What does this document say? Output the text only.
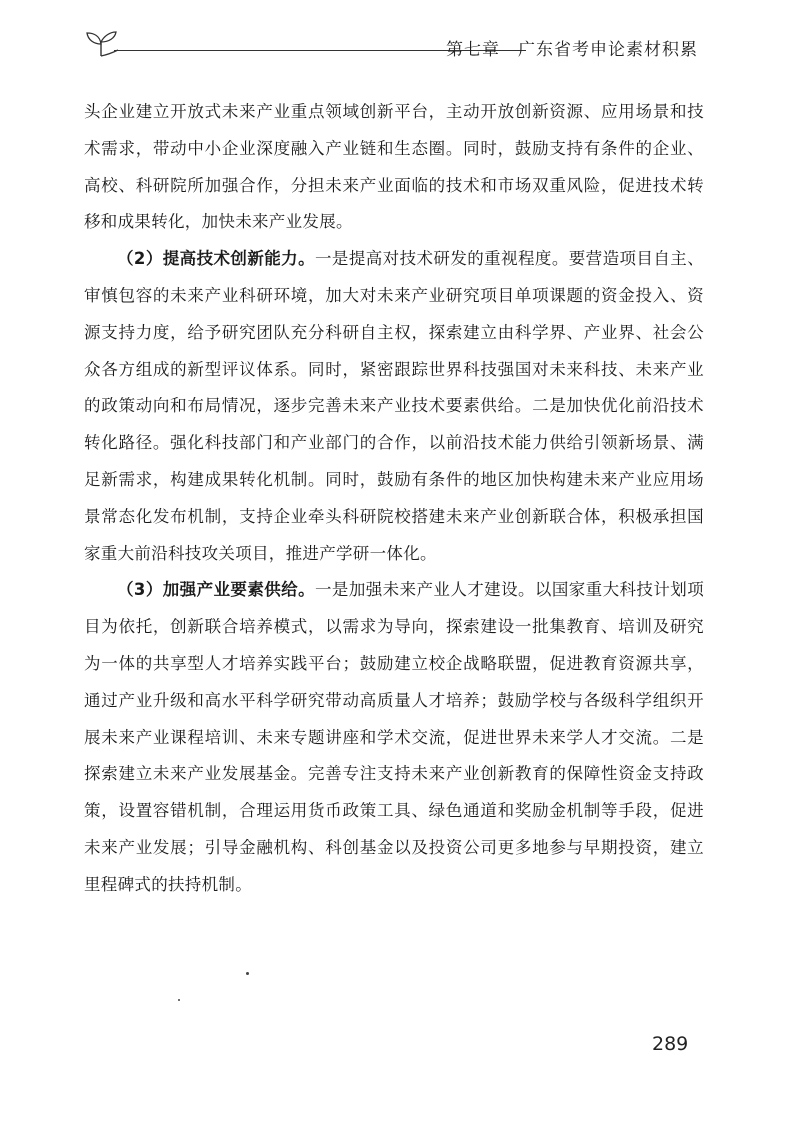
第七章 广东省考申论素材积累

头企业建立开放式未来产业重点领域创新平台，主动开放创新资源、应用场景和技术需求，带动中小企业深度融入产业链和生态圈。同时，鼓励支持有条件的企业、高校、科研院所加强合作，分担未来产业面临的技术和市场双重风险，促进技术转移和成果转化，加快未来产业发展。

（2）提高技术创新能力。一是提高对技术研发的重视程度。要营造项目自主、审慎包容的未来产业科研环境，加大对未来产业研究项目单项课题的资金投入、资源支持力度，给予研究团队充分科研自主权，探索建立由科学界、产业界、社会公众各方组成的新型评议体系。同时，紧密跟踪世界科技强国对未来科技、未来产业的政策动向和布局情况，逐步完善未来产业技术要素供给。二是加快优化前沿技术转化路径。强化科技部门和产业部门的合作，以前沿技术能力供给引领新场景、满足新需求，构建成果转化机制。同时，鼓励有条件的地区加快构建未来产业应用场景常态化发布机制，支持企业牵头科研院校搭建未来产业创新联合体，积极承担国家重大前沿科技攻关项目，推进产学研一体化。

（3）加强产业要素供给。一是加强未来产业人才建设。以国家重大科技计划项目为依托，创新联合培养模式，以需求为导向，探索建设一批集教育、培训及研究为一体的共享型人才培养实践平台；鼓励建立校企战略联盟，促进教育资源共享，通过产业升级和高水平科学研究带动高质量人才培养；鼓励学校与各级科学组织开展未来产业课程培训、未来专题讲座和学术交流，促进世界未来学人才交流。二是探索建立未来产业发展基金。完善专注支持未来产业创新教育的保障性资金支持政策，设置容错机制，合理运用货币政策工具、绿色通道和奖励金机制等手段，促进未来产业发展；引导金融机构、科创基金以及投资公司更多地参与早期投资，建立里程碑式的扶持机制。

289
